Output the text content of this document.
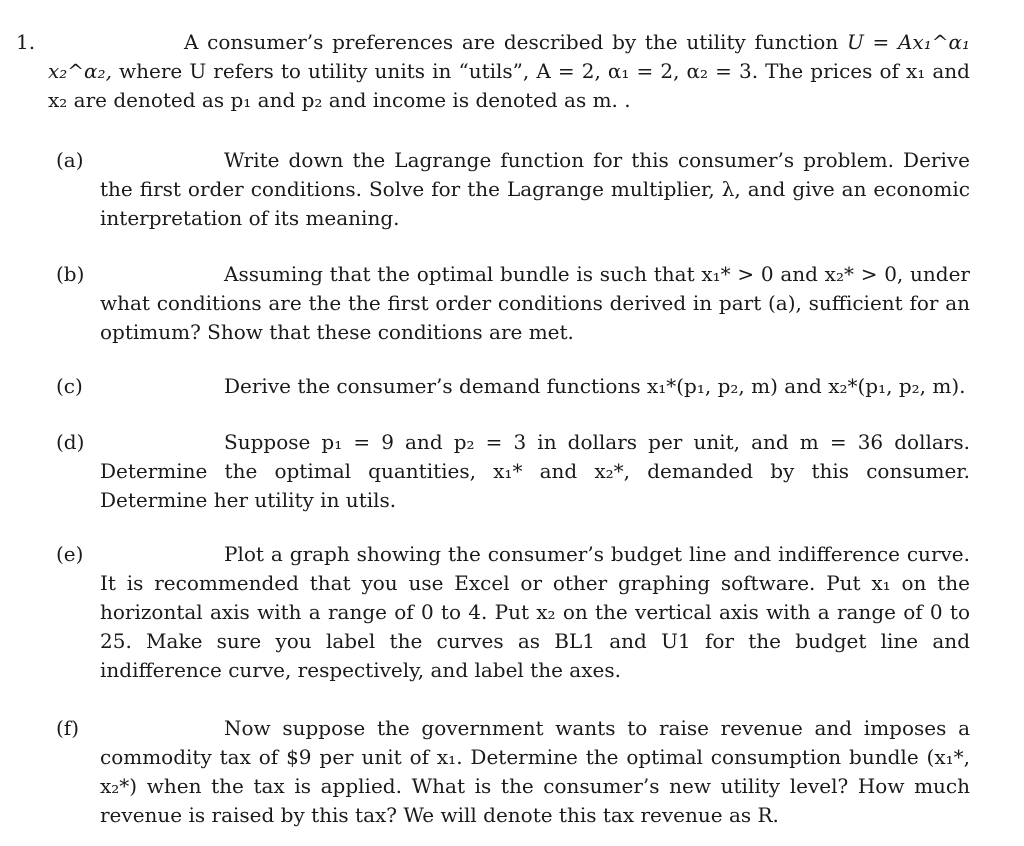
1.	A consumer’s preferences are described by the utility function U = Ax₁^α₁ x₂^α₂, where U refers to utility units in “utils”, A = 2, α₁ = 2, α₂ = 3. The prices of x₁ and x₂ are denoted as p₁ and p₂ and income is denoted as m. .
(a)	Write down the Lagrange function for this consumer’s problem. Derive the first order conditions. Solve for the Lagrange multiplier, λ, and give an economic interpretation of its meaning.
(b)	Assuming that the optimal bundle is such that x₁* > 0 and x₂* > 0, under what conditions are the the first order conditions derived in part (a), sufficient for an optimum? Show that these conditions are met.
(c)	Derive the consumer’s demand functions x₁*(p₁, p₂, m) and x₂*(p₁, p₂, m).
(d)	Suppose p₁ = 9 and p₂ = 3 in dollars per unit, and m = 36 dollars. Determine the optimal quantities, x₁* and x₂*, demanded by this consumer. Determine her utility in utils.
(e)	Plot a graph showing the consumer’s budget line and indifference curve. It is recommended that you use Excel or other graphing software. Put x₁ on the horizontal axis with a range of 0 to 4. Put x₂ on the vertical axis with a range of 0 to 25. Make sure you label the curves as BL1 and U1 for the budget line and indifference curve, respectively, and label the axes.
(f)	Now suppose the government wants to raise revenue and imposes a commodity tax of $9 per unit of x₁. Determine the optimal consumption bundle (x₁*, x₂*) when the tax is applied. What is the consumer’s new utility level? How much revenue is raised by this tax? We will denote this tax revenue as R.
